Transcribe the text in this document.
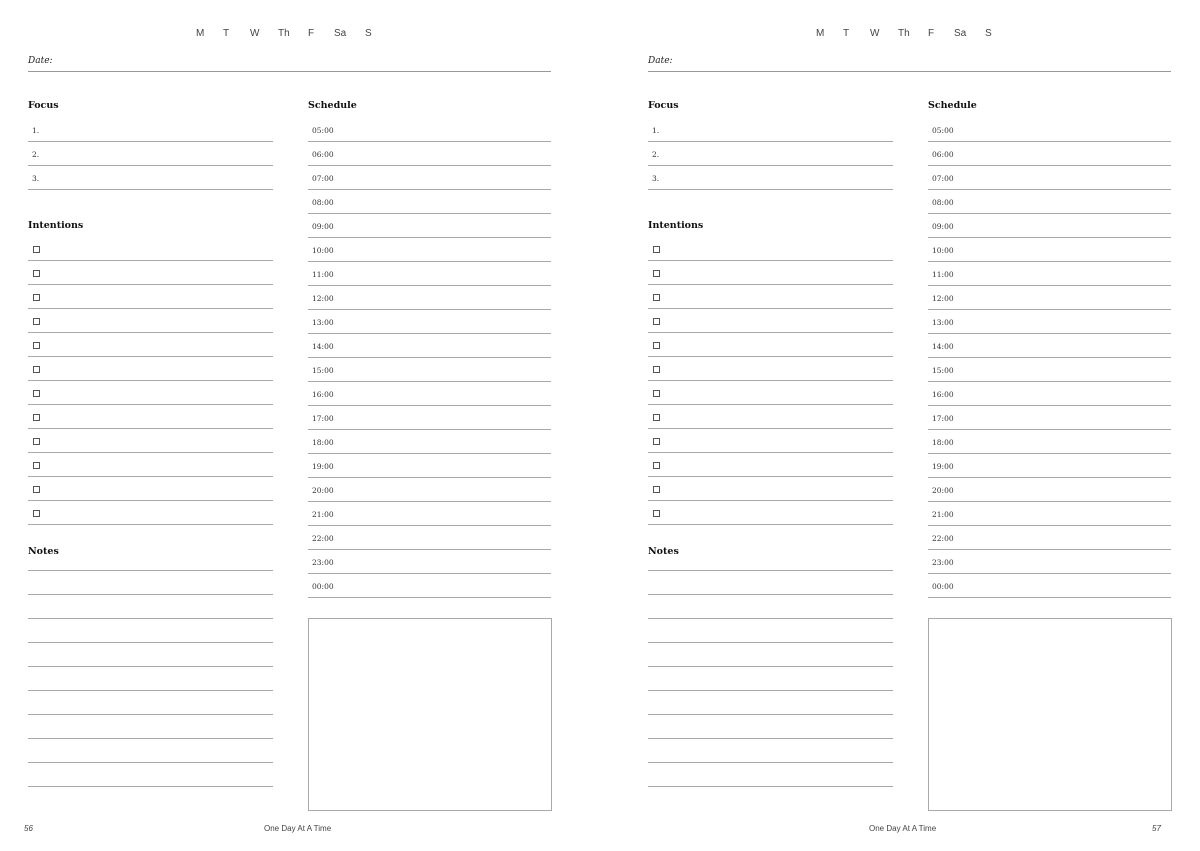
M T W Th F Sa S
Date:
Focus
1.
2.
3.
Intentions
Notes
Schedule
05:00
06:00
07:00
08:00
09:00
10:00
11:00
12:00
13:00
14:00
15:00
16:00
17:00
18:00
19:00
20:00
21:00
22:00
23:00
00:00
56	One Day At A Time
M T W Th F Sa S
Date:
Focus
1.
2.
3.
Intentions
Notes
Schedule
05:00
06:00
07:00
08:00
09:00
10:00
11:00
12:00
13:00
14:00
15:00
16:00
17:00
18:00
19:00
20:00
21:00
22:00
23:00
00:00
57
One Day At A Time
